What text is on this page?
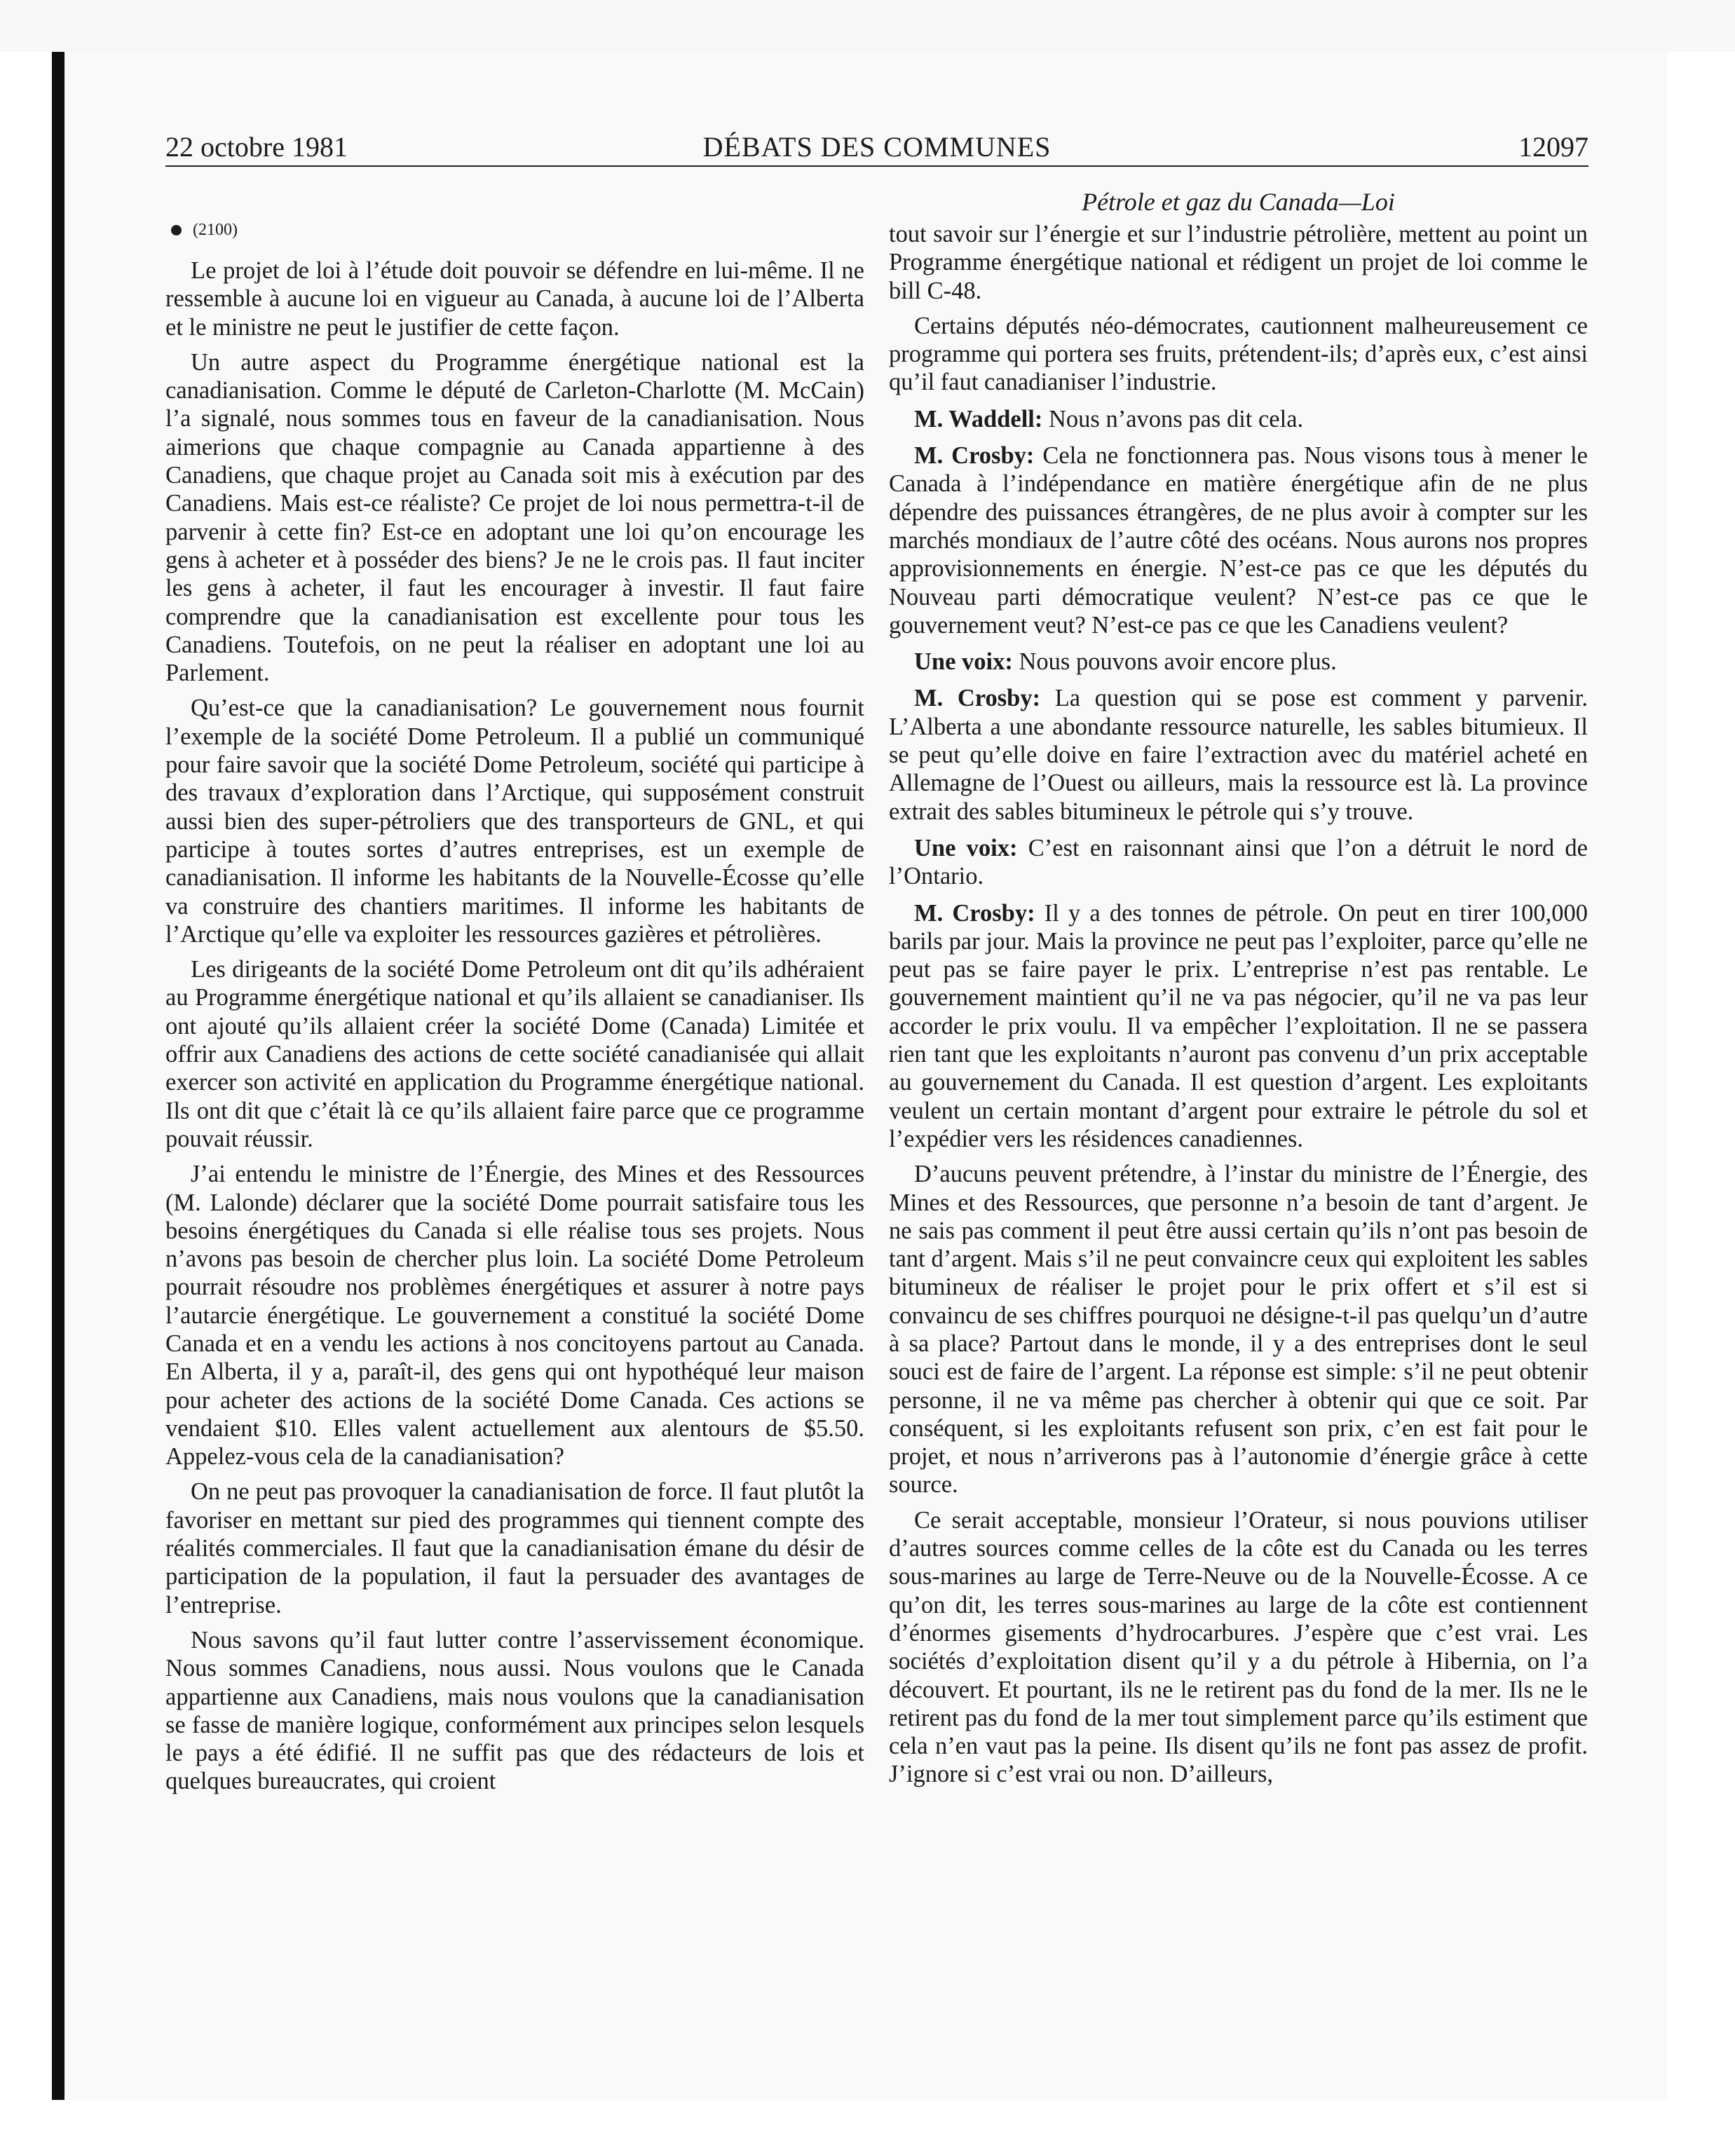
22 octobre 1981	DÉBATS DES COMMUNES	12097
(2100)

Le projet de loi à l’étude doit pouvoir se défendre en lui-même. Il ne ressemble à aucune loi en vigueur au Canada, à aucune loi de l’Alberta et le ministre ne peut le justifier de cette façon.

Un autre aspect du Programme énergétique national est la canadianisation. Comme le député de Carleton-Charlotte (M. McCain) l’a signalé, nous sommes tous en faveur de la canadianisation. Nous aimerions que chaque compagnie au Canada appartienne à des Canadiens, que chaque projet au Canada soit mis à exécution par des Canadiens. Mais est-ce réaliste? Ce projet de loi nous permettra-t-il de parvenir à cette fin? Est-ce en adoptant une loi qu’on encourage les gens à acheter et à posséder des biens? Je ne le crois pas. Il faut inciter les gens à acheter, il faut les encourager à investir. Il faut faire comprendre que la canadianisation est excellente pour tous les Canadiens. Toutefois, on ne peut la réaliser en adoptant une loi au Parlement.

Qu’est-ce que la canadianisation? Le gouvernement nous fournit l’exemple de la société Dome Petroleum. Il a publié un communiqué pour faire savoir que la société Dome Petroleum, société qui participe à des travaux d’exploration dans l’Arctique, qui supposément construit aussi bien des super-pétroliers que des transporteurs de GNL, et qui participe à toutes sortes d’autres entreprises, est un exemple de canadianisation. Il informe les habitants de la Nouvelle-Écosse qu’elle va construire des chantiers maritimes. Il informe les habitants de l’Arctique qu’elle va exploiter les ressources gazières et pétrolières.

Les dirigeants de la société Dome Petroleum ont dit qu’ils adhéraient au Programme énergétique national et qu’ils allaient se canadianiser. Ils ont ajouté qu’ils allaient créer la société Dome (Canada) Limitée et offrir aux Canadiens des actions de cette société canadianisée qui allait exercer son activité en application du Programme énergétique national. Ils ont dit que c’était là ce qu’ils allaient faire parce que ce programme pouvait réussir.

J’ai entendu le ministre de l’Énergie, des Mines et des Ressources (M. Lalonde) déclarer que la société Dome pourrait satisfaire tous les besoins énergétiques du Canada si elle réalise tous ses projets. Nous n’avons pas besoin de chercher plus loin. La société Dome Petroleum pourrait résoudre nos problèmes énergétiques et assurer à notre pays l’autarcie énergétique. Le gouvernement a constitué la société Dome Canada et en a vendu les actions à nos concitoyens partout au Canada. En Alberta, il y a, paraît-il, des gens qui ont hypothéqué leur maison pour acheter des actions de la société Dome Canada. Ces actions se vendaient $10. Elles valent actuellement aux alentours de $5.50. Appelez-vous cela de la canadianisation?

On ne peut pas provoquer la canadianisation de force. Il faut plutôt la favoriser en mettant sur pied des programmes qui tiennent compte des réalités commerciales. Il faut que la canadianisation émane du désir de participation de la population, il faut la persuader des avantages de l’entreprise.

Nous savons qu’il faut lutter contre l’asservissement économique. Nous sommes Canadiens, nous aussi. Nous voulons que le Canada appartienne aux Canadiens, mais nous voulons que la canadianisation se fasse de manière logique, conformément aux principes selon lesquels le pays a été édifié. Il ne suffit pas que des rédacteurs de lois et quelques bureaucrates, qui croient

Pétrole et gaz du Canada—Loi

tout savoir sur l’énergie et sur l’industrie pétrolière, mettent au point un Programme énergétique national et rédigent un projet de loi comme le bill C-48.

Certains députés néo-démocrates, cautionnent malheureusement ce programme qui portera ses fruits, prétendent-ils; d’après eux, c’est ainsi qu’il faut canadianiser l’industrie.

M. Waddell: Nous n’avons pas dit cela.

M. Crosby: Cela ne fonctionnera pas. Nous visons tous à mener le Canada à l’indépendance en matière énergétique afin de ne plus dépendre des puissances étrangères, de ne plus avoir à compter sur les marchés mondiaux de l’autre côté des océans. Nous aurons nos propres approvisionnements en énergie. N’est-ce pas ce que les députés du Nouveau parti démocratique veulent? N’est-ce pas ce que le gouvernement veut? N’est-ce pas ce que les Canadiens veulent?

Une voix: Nous pouvons avoir encore plus.

M. Crosby: La question qui se pose est comment y parvenir. L’Alberta a une abondante ressource naturelle, les sables bitumieux. Il se peut qu’elle doive en faire l’extraction avec du matériel acheté en Allemagne de l’Ouest ou ailleurs, mais la ressource est là. La province extrait des sables bitumineux le pétrole qui s’y trouve.

Une voix: C’est en raisonnant ainsi que l’on a détruit le nord de l’Ontario.

M. Crosby: Il y a des tonnes de pétrole. On peut en tirer 100,000 barils par jour. Mais la province ne peut pas l’exploiter, parce qu’elle ne peut pas se faire payer le prix. L’entreprise n’est pas rentable. Le gouvernement maintient qu’il ne va pas négocier, qu’il ne va pas leur accorder le prix voulu. Il va empêcher l’exploitation. Il ne se passera rien tant que les exploitants n’auront pas convenu d’un prix acceptable au gouvernement du Canada. Il est question d’argent. Les exploitants veulent un certain montant d’argent pour extraire le pétrole du sol et l’expédier vers les résidences canadiennes.

D’aucuns peuvent prétendre, à l’instar du ministre de l’Énergie, des Mines et des Ressources, que personne n’a besoin de tant d’argent. Je ne sais pas comment il peut être aussi certain qu’ils n’ont pas besoin de tant d’argent. Mais s’il ne peut convaincre ceux qui exploitent les sables bitumineux de réaliser le projet pour le prix offert et s’il est si convaincu de ses chiffres pourquoi ne désigne-t-il pas quelqu’un d’autre à sa place? Partout dans le monde, il y a des entreprises dont le seul souci est de faire de l’argent. La réponse est simple: s’il ne peut obtenir personne, il ne va même pas chercher à obtenir qui que ce soit. Par conséquent, si les exploitants refusent son prix, c’en est fait pour le projet, et nous n’arriverons pas à l’autonomie d’énergie grâce à cette source.

Ce serait acceptable, monsieur l’Orateur, si nous pouvions utiliser d’autres sources comme celles de la côte est du Canada ou les terres sous-marines au large de Terre-Neuve ou de la Nouvelle-Écosse. A ce qu’on dit, les terres sous-marines au large de la côte est contiennent d’énormes gisements d’hydrocarbures. J’espère que c’est vrai. Les sociétés d’exploitation disent qu’il y a du pétrole à Hibernia, on l’a découvert. Et pourtant, ils ne le retirent pas du fond de la mer. Ils ne le retirent pas du fond de la mer tout simplement parce qu’ils estiment que cela n’en vaut pas la peine. Ils disent qu’ils ne font pas assez de profit. J’ignore si c’est vrai ou non. D’ailleurs,
